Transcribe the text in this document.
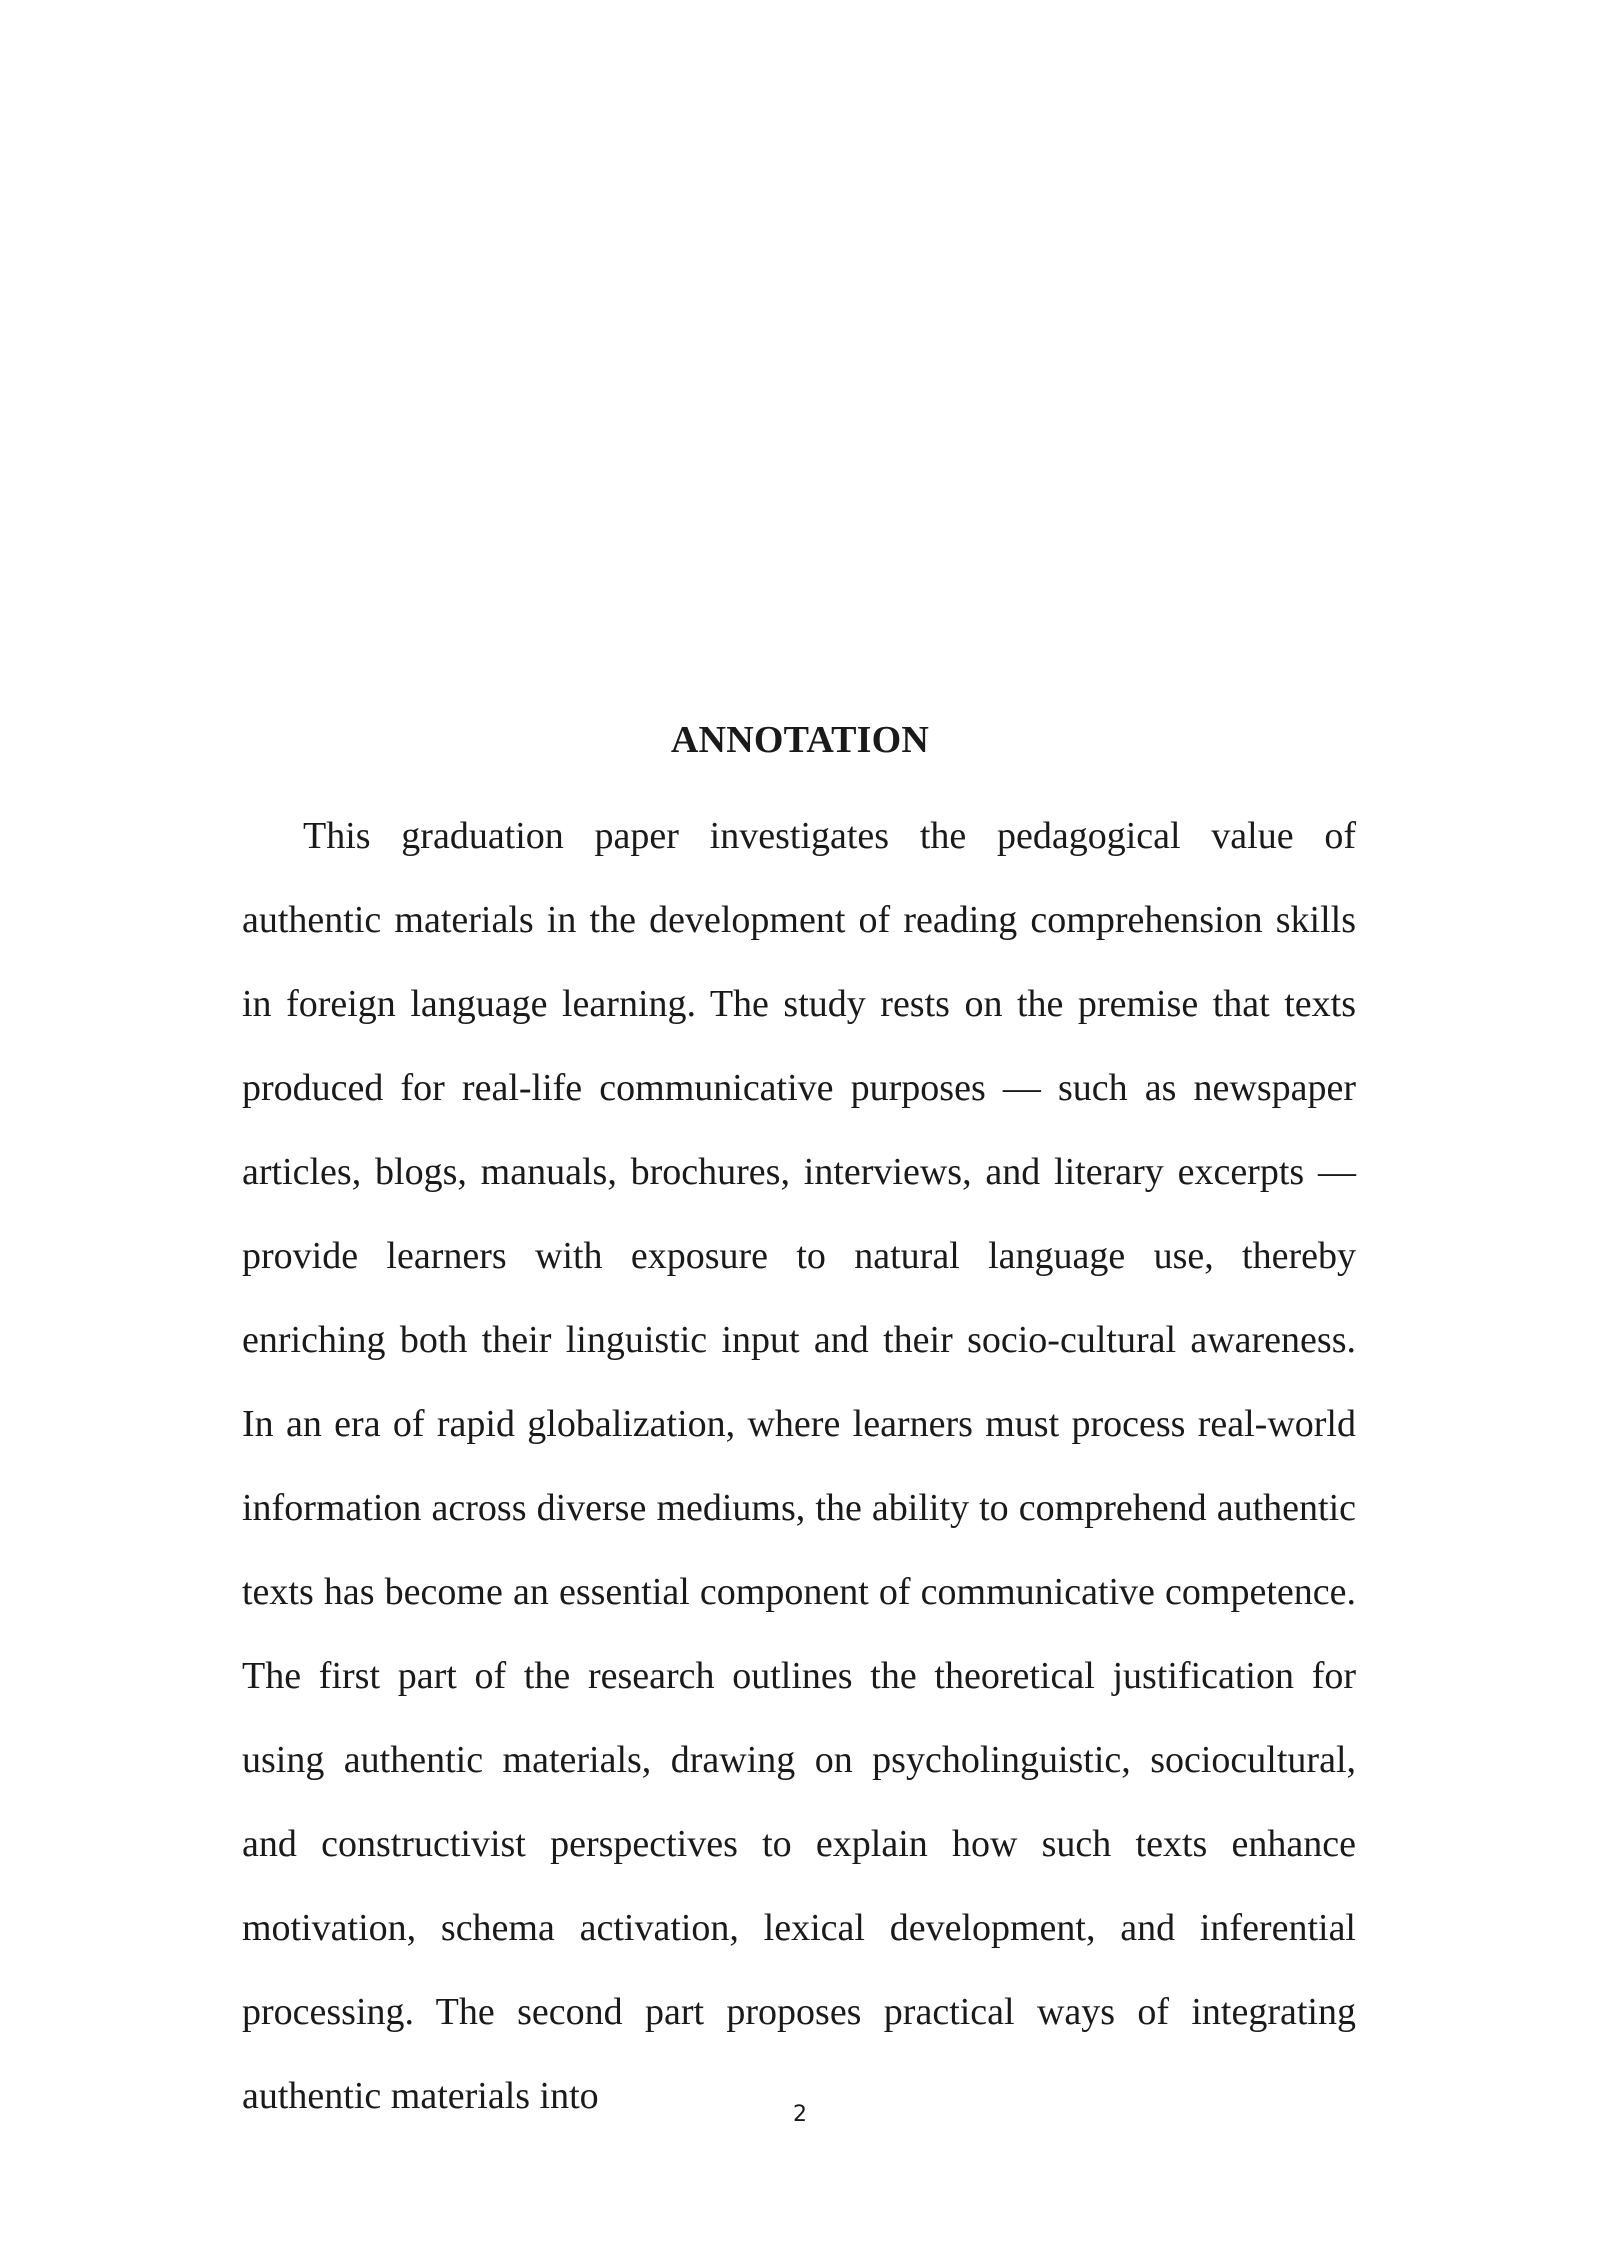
ANNOTATION

This graduation paper investigates the pedagogical value of authentic materials in the development of reading comprehension skills in foreign language learning. The study rests on the premise that texts produced for real-life communicative purposes — such as newspaper articles, blogs, manuals, brochures, interviews, and literary excerpts — provide learners with exposure to natural language use, thereby enriching both their linguistic input and their socio-cultural awareness. In an era of rapid globalization, where learners must process real-world information across diverse mediums, the ability to comprehend authentic texts has become an essential component of communicative competence. The first part of the research outlines the theoretical justification for using authentic materials, drawing on psycholinguistic, sociocultural, and constructivist perspectives to explain how such texts enhance motivation, schema activation, lexical development, and inferential processing. The second part proposes practical ways of integrating authentic materials into	2
